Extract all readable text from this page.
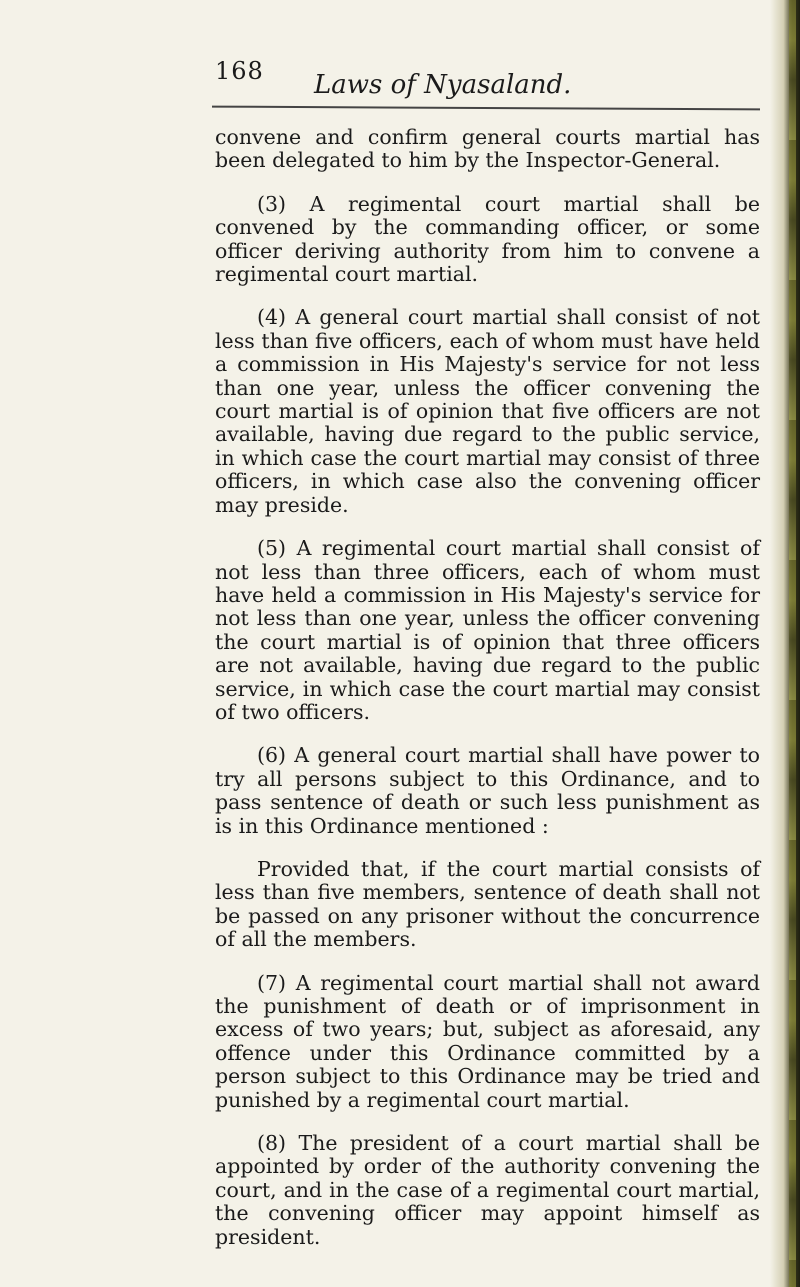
168 Laws of Nyasaland.

convene and confirm general courts martial has been delegated to him by the Inspector-General.

(3) A regimental court martial shall be convened by the commanding officer, or some officer deriving authority from him to convene a regimental court martial.

(4) A general court martial shall consist of not less than five officers, each of whom must have held a commission in His Majesty's service for not less than one year, unless the officer convening the court martial is of opinion that five officers are not available, having due regard to the public service, in which case the court martial may consist of three officers, in which case also the convening officer may preside.

(5) A regimental court martial shall consist of not less than three officers, each of whom must have held a commission in His Majesty's service for not less than one year, unless the officer convening the court martial is of opinion that three officers are not available, having due regard to the public service, in which case the court martial may consist of two officers.

(6) A general court martial shall have power to try all persons subject to this Ordinance, and to pass sentence of death or such less punishment as is in this Ordinance mentioned :

Provided that, if the court martial consists of less than five members, sentence of death shall not be passed on any prisoner without the concurrence of all the members.

(7) A regimental court martial shall not award the punishment of death or of imprisonment in excess of two years; but, subject as aforesaid, any offence under this Ordinance committed by a person subject to this Ordinance may be tried and punished by a regimental court martial.

(8) The president of a court martial shall be appointed by order of the authority convening the court, and in the case of a regimental court martial, the convening officer may appoint himself as president.
